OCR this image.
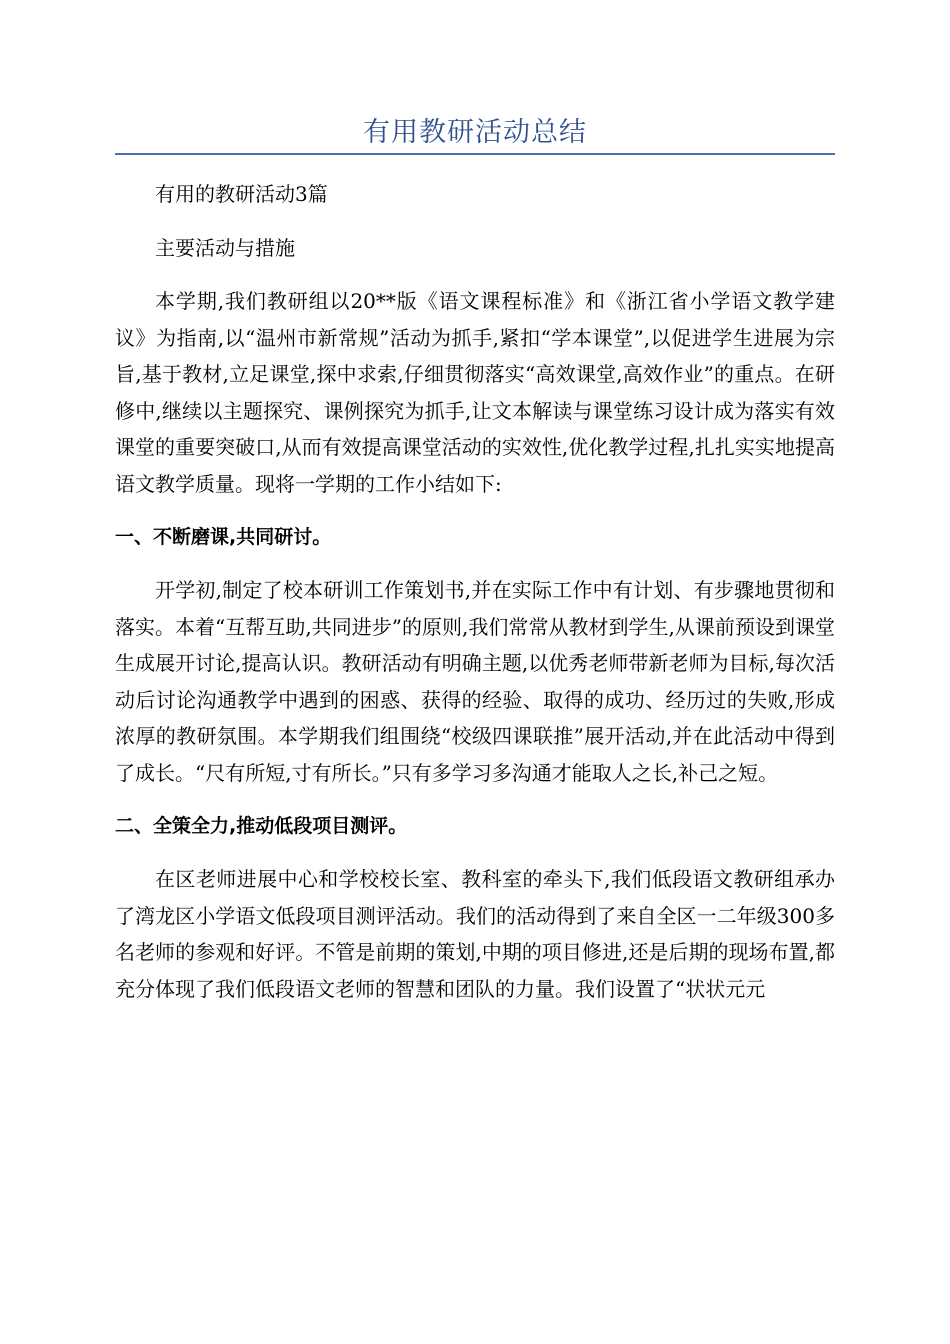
有用教研活动总结

有用的教研活动3篇

主要活动与措施

本学期,我们教研组以20**版《语文课程标准》和《浙江省小学语文教学建议》为指南,以“温州市新常规”活动为抓手,紧扣“学本课堂”,以促进学生进展为宗旨,基于教材,立足课堂,探中求索,仔细贯彻落实“高效课堂,高效作业”的重点。在研修中,继续以主题探究、课例探究为抓手,让文本解读与课堂练习设计成为落实有效课堂的重要突破口,从而有效提高课堂活动的实效性,优化教学过程,扎扎实实地提高语文教学质量。现将一学期的工作小结如下:

一、不断磨课,共同研讨。

开学初,制定了校本研训工作策划书,并在实际工作中有计划、有步骤地贯彻和落实。本着“互帮互助,共同进步”的原则,我们常常从教材到学生,从课前预设到课堂生成展开讨论,提高认识。教研活动有明确主题,以优秀老师带新老师为目标,每次活动后讨论沟通教学中遇到的困惑、获得的经验、取得的成功、经历过的失败,形成浓厚的教研氛围。本学期我们组围绕“校级四课联推”展开活动,并在此活动中得到了成长。“尺有所短,寸有所长。”只有多学习多沟通才能取人之长,补己之短。

二、全策全力,推动低段项目测评。

在区老师进展中心和学校校长室、教科室的牵头下,我们低段语文教研组承办了湾龙区小学语文低段项目测评活动。我们的活动得到了来自全区一二年级300多名老师的参观和好评。不管是前期的策划,中期的项目修进,还是后期的现场布置,都充分体现了我们低段语文老师的智慧和团队的力量。我们设置了“状状元元
